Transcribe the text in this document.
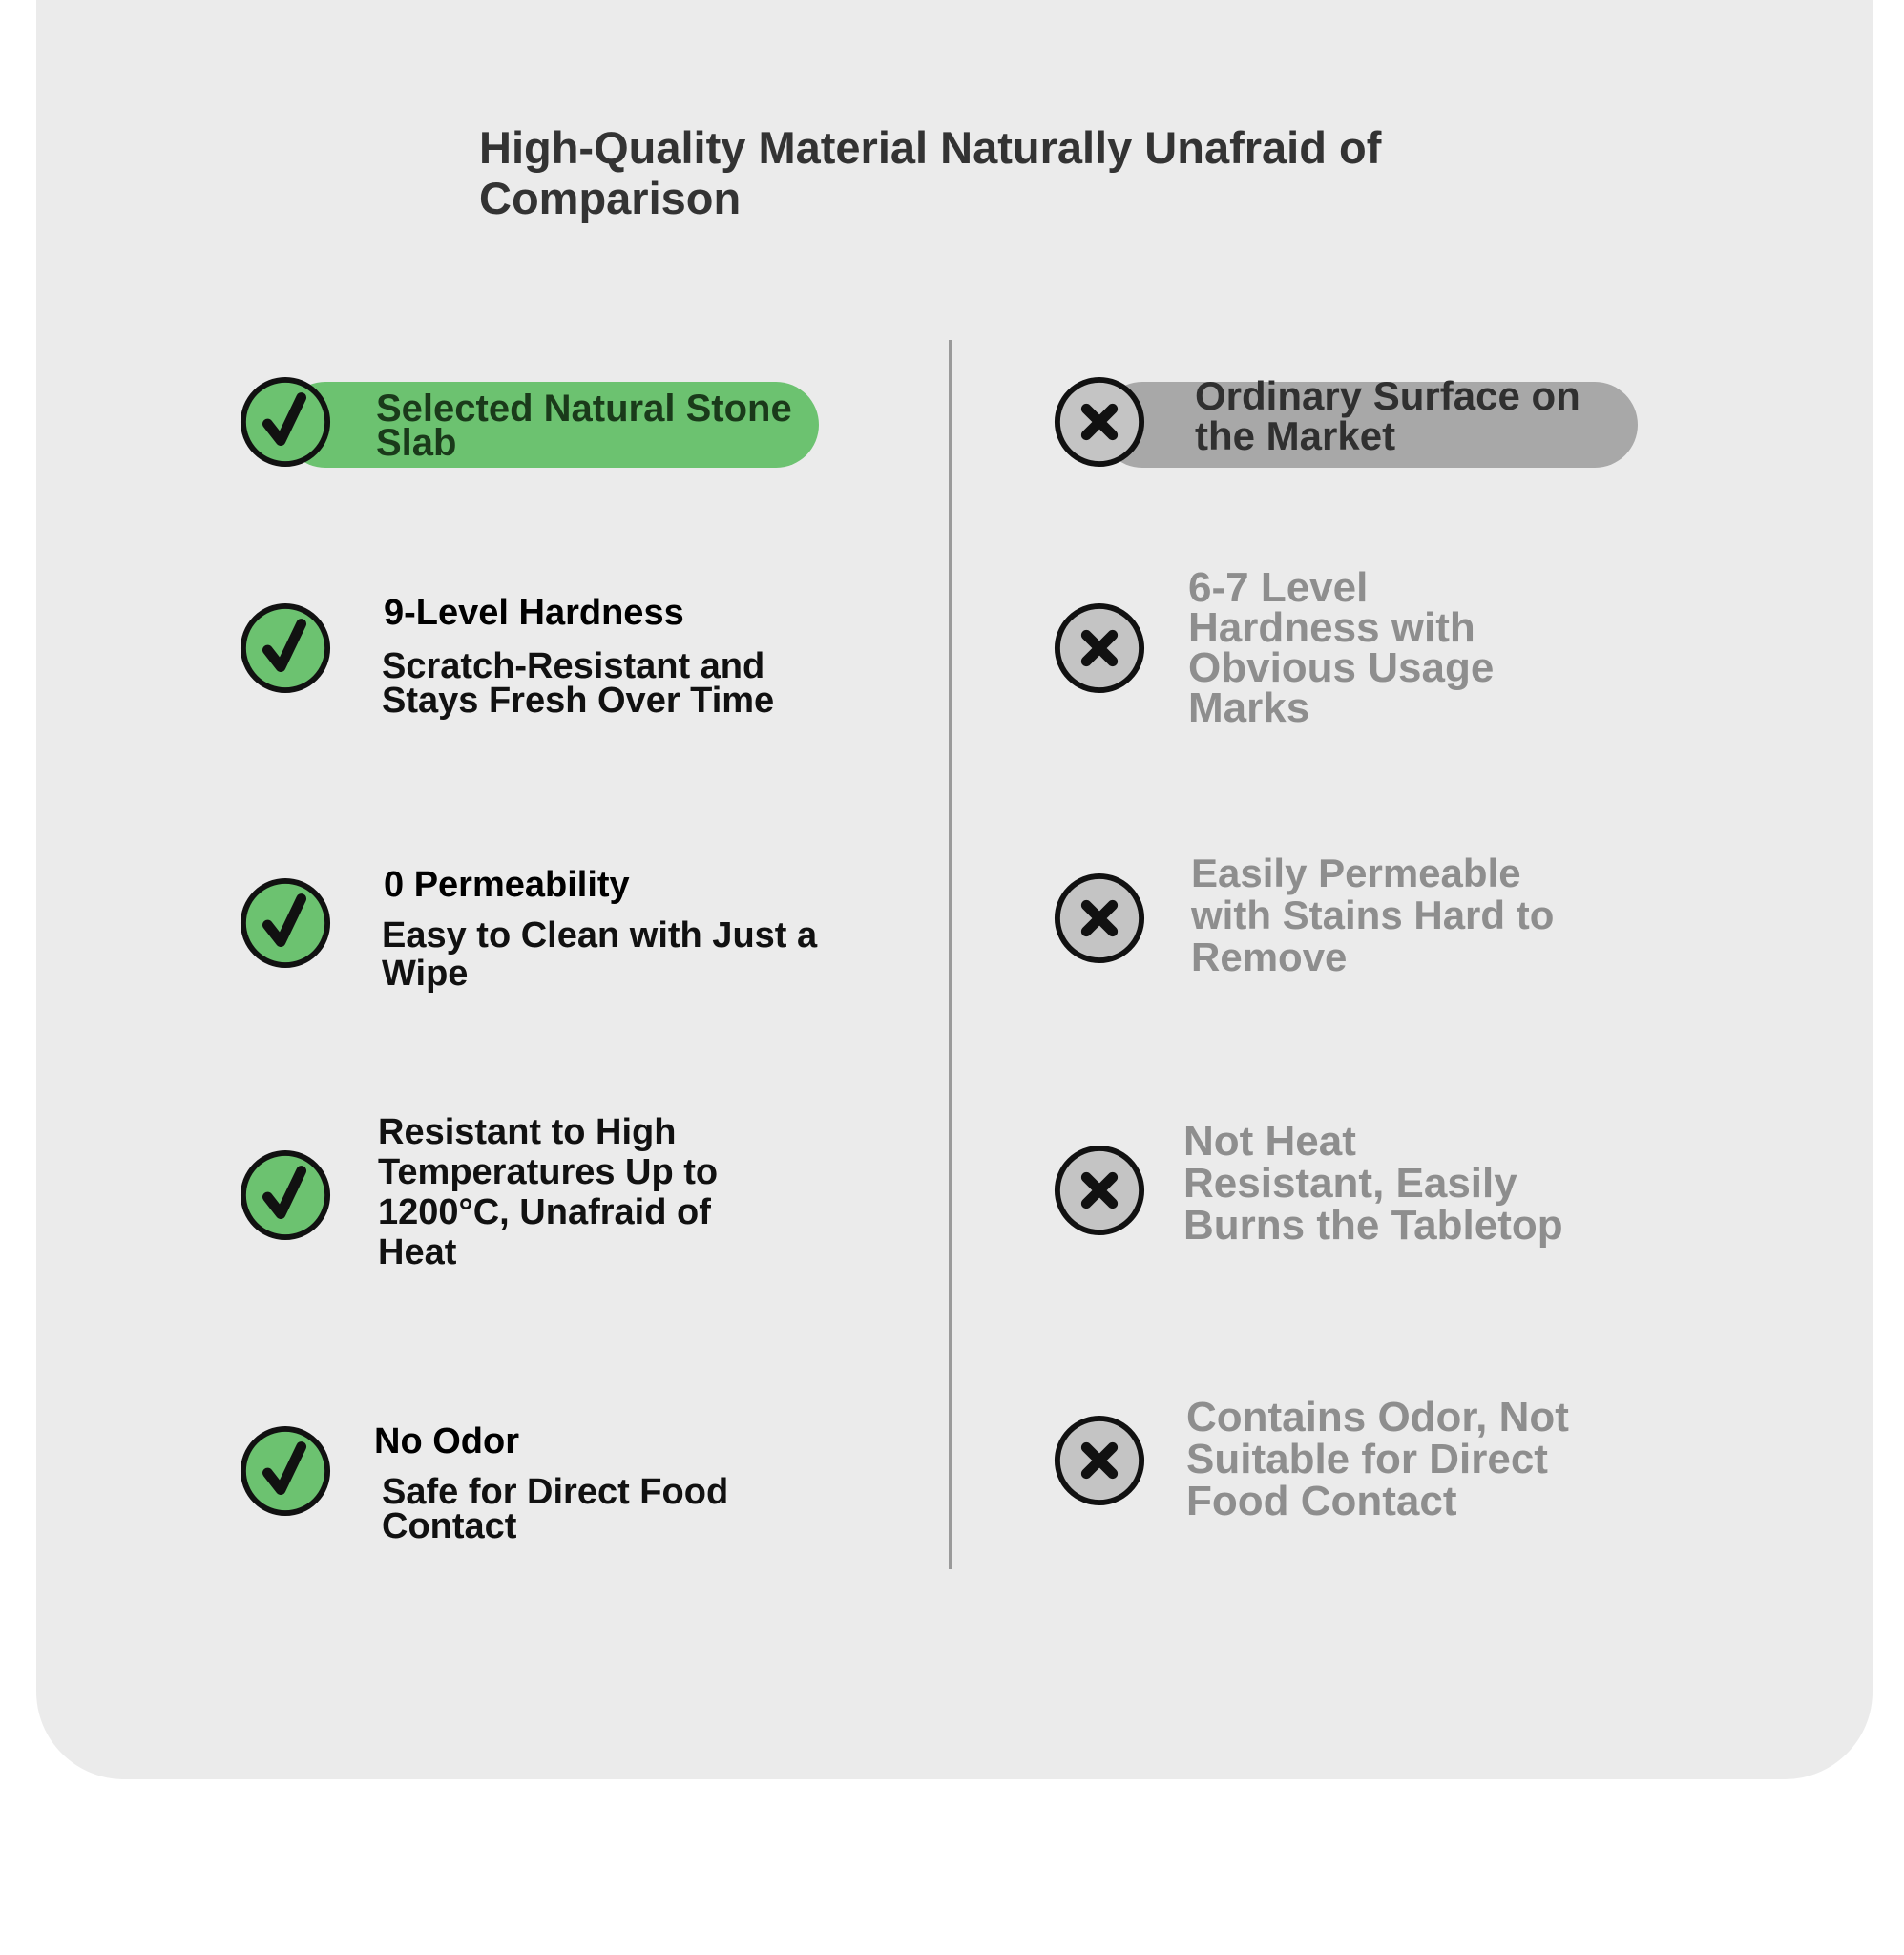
High-Quality Material Naturally Unafraid of Comparison
Selected Natural Stone Slab
Ordinary Surface on the Market
9-Level Hardness
Scratch-Resistant and Stays Fresh Over Time
0 Permeability
Easy to Clean with Just a Wipe
Resistant to High Temperatures Up to 1200°C, Unafraid of Heat
No Odor
Safe for Direct Food Contact
6-7 Level Hardness with Obvious Usage Marks
Easily Permeable with Stains Hard to Remove
Not Heat Resistant, Easily Burns the Tabletop
Contains Odor, Not Suitable for Direct Food Contact
